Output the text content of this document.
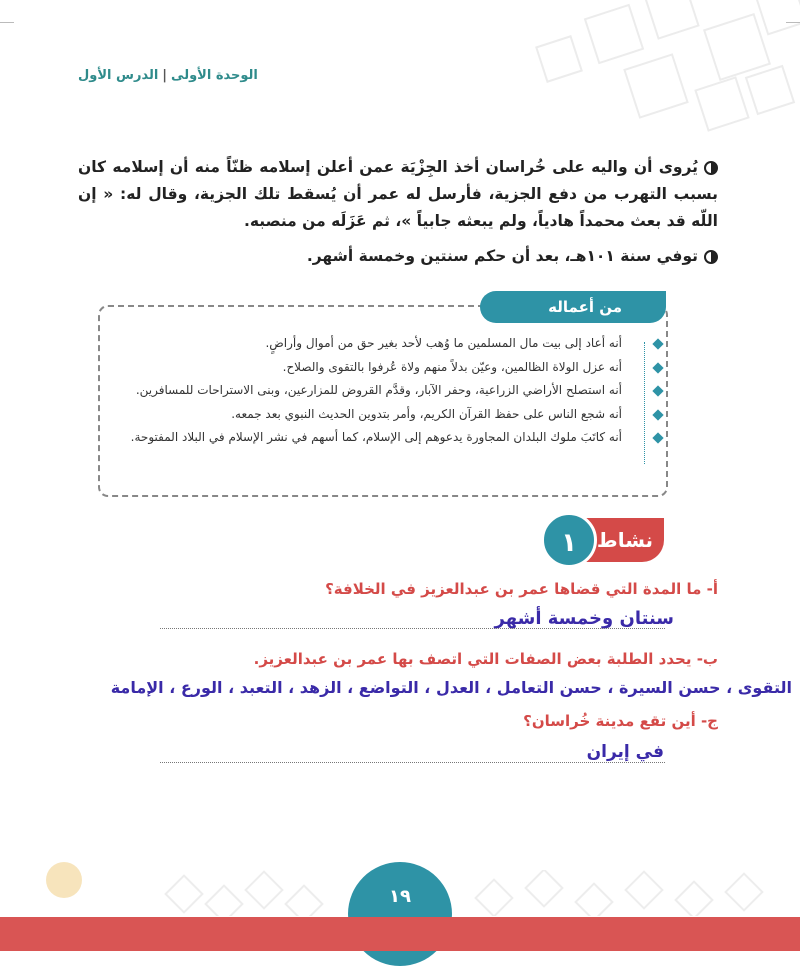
الوحدة الأولى|الدرس الأول
يُروى أن واليه على خُراسان أخذ الجِزْيَة عمن أعلن إسلامه ظنّاً منه أن إسلامه كان بسبب التهرب من دفع الجزية، فأرسل له عمر أن يُسقط تلك الجزية، وقال له: « إن اللّه قد بعث محمداً هادياً، ولم يبعثه جابياً »، ثم عَزَلَه من منصبه.
توفي سنة ١٠١هـ، بعد أن حكم سنتين وخمسة أشهر.
من أعماله
أنه أعاد إلى بيت مال المسلمين ما وُهب لأحد بغير حق من أموال وأراضٍ.
أنه عزل الولاة الظالمين، وعيّن بدلاً منهم ولاة عُرفوا بالتقوى والصلاح.
أنه استصلح الأراضي الزراعية، وحفر الآبار، وقدَّم القروض للمزارعين، وبنى الاستراحات للمسافرين.
أنه شجع الناس على حفظ القرآن الكريم، وأمر بتدوين الحديث النبوي بعد جمعه.
أنه كاتَبَ ملوك البلدان المجاورة يدعوهم إلى الإسلام، كما أسهم في نشر الإسلام في البلاد المفتوحة.
نشاط
١
أ- ما المدة التي قضاها عمر بن عبدالعزيز في الخلافة؟
سنتان وخمسة أشهر
ب- يحدد الطلبة بعض الصفات التي اتصف بها عمر بن عبدالعزيز.
التقوى ، حسن السيرة ، حسن التعامل ، العدل ، التواضع ، الزهد ، التعبد ، الورع ، الإمامة
ج- أين تقع مدينة خُراسان؟
في إيران
١٩
